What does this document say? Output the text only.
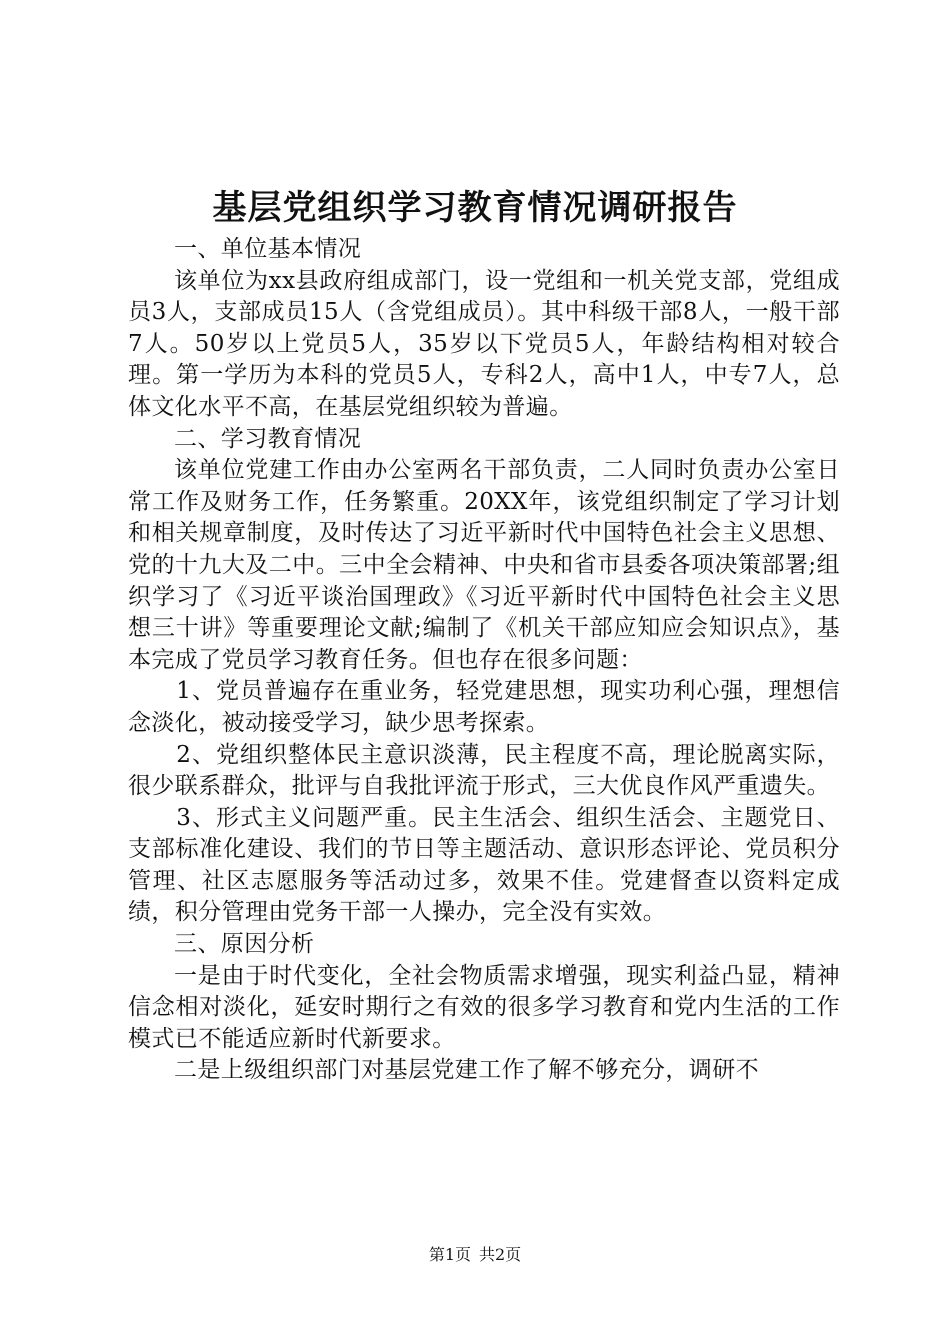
基层党组织学习教育情况调研报告

一、单位基本情况

该单位为xx县政府组成部门，设一党组和一机关党支部，党组成员3人，支部成员15人（含党组成员）。其中科级干部8人，一般干部7人。50岁以上党员5人，35岁以下党员5人，年龄结构相对较合理。第一学历为本科的党员5人，专科2人，高中1人，中专7人，总体文化水平不高，在基层党组织较为普遍。

二、学习教育情况

该单位党建工作由办公室两名干部负责，二人同时负责办公室日常工作及财务工作，任务繁重。20XX年，该党组织制定了学习计划和相关规章制度，及时传达了习近平新时代中国特色社会主义思想、党的十九大及二中。三中全会精神、中央和省市县委各项决策部署;组织学习了《习近平谈治国理政》《习近平新时代中国特色社会主义思想三十讲》等重要理论文献;编制了《机关干部应知应会知识点》，基本完成了党员学习教育任务。但也存在很多问题：

1、党员普遍存在重业务，轻党建思想，现实功利心强，理想信念淡化，被动接受学习，缺少思考探索。

2、党组织整体民主意识淡薄，民主程度不高，理论脱离实际，很少联系群众，批评与自我批评流于形式，三大优良作风严重遗失。

3、形式主义问题严重。民主生活会、组织生活会、主题党日、支部标准化建设、我们的节日等主题活动、意识形态评论、党员积分管理、社区志愿服务等活动过多，效果不佳。党建督查以资料定成绩，积分管理由党务干部一人操办，完全没有实效。

三、原因分析

一是由于时代变化，全社会物质需求增强，现实利益凸显，精神信念相对淡化，延安时期行之有效的很多学习教育和党内生活的工作模式已不能适应新时代新要求。

二是上级组织部门对基层党建工作了解不够充分，调研不

第1页 共2页
